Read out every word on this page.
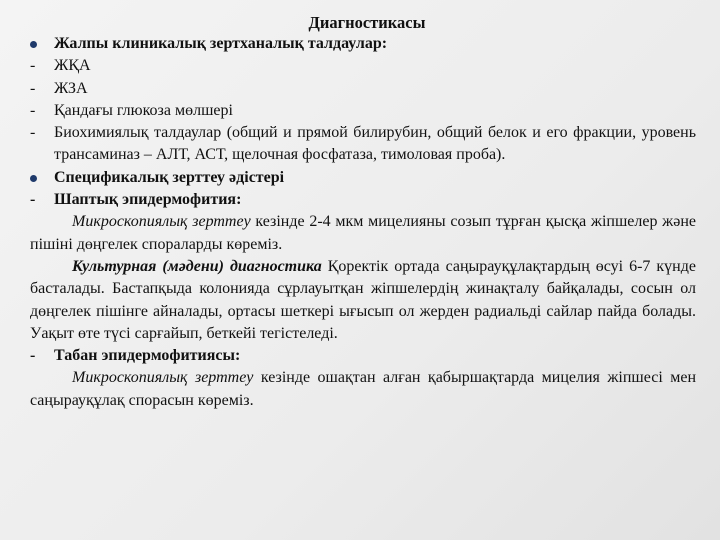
Диагностикасы
Жалпы клиникалық зертханалық талдаулар:
-	ЖҚА
-	ЖЗА
-	Қандағы глюкоза мөлшері
-	Биохимиялық талдаулар (общий и прямой билирубин, общий белок и его фракции, уровень трансаминаз – АЛТ, АСТ, щелочная фосфатаза, тимоловая проба).
Спецификалық зерттеу әдістері
-	Шаптық эпидермофития:
Микроскопиялық зерттеу кезінде 2-4 мкм мицелияны созып тұрған қысқа жіпшелер және пішіні дөңгелек спораларды көреміз.
Культурная (мәдени) диагностика Қоректік ортада саңырауқұлақтардың өсуі 6-7 күнде басталады. Бастапқыда колонияда сұрлауытқан жіпшелердің жинақталу байқалады, сосын ол дөңгелек пішінге айналады, ортасы шеткері ығысып ол жерден радиальді сайлар пайда болады. Уақыт өте түсі сарғайып, беткейі тегістеледі.
-	Табан эпидермофитиясы:
Микроскопиялық зерттеу кезінде ошақтан алған қабыршақтарда мицелия жіпшесі мен саңырауқұлақ спорасын көреміз.
